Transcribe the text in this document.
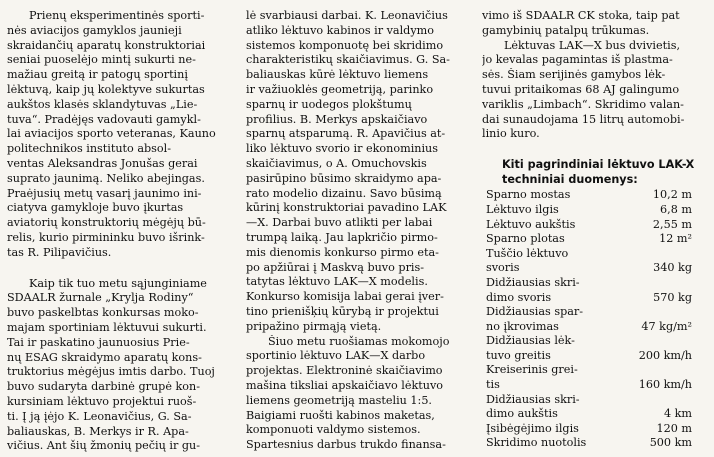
Prienų eksperimentinės sporti-
nės aviacijos gamyklos jaunieji
skraidančių aparatų konstruktoriai
seniai puoselėjo mintį sukurti ne-
mažiau greitą ir patogų sportinį
lėktuvą, kaip jų kolektyve sukurtas
aukštos klasės sklandytuvas „Lie-
tuva“. Pradėjęs vadovauti gamykl-
lai aviacijos sporto veteranas, Kauno
politechnikos instituto absol-
ventas Aleksandras Jonušas gerai
suprato jaunimą. Neliko abejingas.
Praėjusių metų vasarį jaunimo ini-
ciatyva gamykloje buvo įkurtas
aviatorių konstruktorių mėgėjų bū-
relis, kurio pirmininku buvo išrink-
tas R. Pilipavičius.
Kaip tik tuo metu sąjunginiame
SDAALR žurnale „Krylja Rodiny“
buvo paskelbtas konkursas moko-
majam sportiniam lėktuvui sukurti.
Tai ir paskatino jaunuosius Prie-
nų ESAG skraidymo aparatų kons-
truktorius mėgėjus imtis darbo. Tuoj
buvo sudaryta darbinė grupė kon-
kursiniam lėktuvo projektui ruoš-
ti. Į ją įėjo K. Leonavičius, G. Sa-
baliauskas, B. Merkys ir R. Apa-
vičius. Ant šių žmonių pečių ir gu-
lė svarbiausi darbai. K. Leonavičius
atliko lėktuvo kabinos ir valdymo
sistemos komponuotę bei skridimo
charakteristikų skaičiavimus. G. Sa-
baliauskas kūrė lėktuvo liemens
ir važiuoklės geometriją, parinko
sparnų ir uodegos plokštumų
profilius. B. Merkys apskaičiavo
sparnų atsparumą. R. Apavičius at-
liko lėktuvo svorio ir ekonominius
skaičiavimus, o A. Omuchovskis
pasirūpino būsimo skraidymo apa-
rato modelio dizainu. Savo būsimą
kūrinį konstruktoriai pavadino LAK
—X. Darbai buvo atlikti per labai
trumpą laiką. Jau lapkričio pirmo-
mis dienomis konkurso pirmo eta-
po apžiūrai į Maskvą buvo pris-
tatytas lėktuvo LAK—X modelis.
Konkurso komisija labai gerai įver-
tino prienišķių kūrybą ir projektui
pripažino pirmąją vietą.
Šiuo metu ruošiamas mokomojo
sportinio lėktuvo LAK—X darbo
projektas. Elektroninė skaičiavimo
mašina tiksliai apskaičiavo lėktuvo
liemens geometriją masteliu 1:5.
Baigiami ruošti kabinos maketas,
komponuoti valdymo sistemos.
Spartesnius darbus trukdo finansa-
vimo iš SDAALR CK stoka, taip pat
gamybinių patalpų trūkumas.
Lėktuvas LAK—X bus dvivietis,
jo kevalas pagamintas iš plastma-
sės. Šiam serijinės gamybos lėk-
tuvui pritaikomas 68 AJ galingumo
variklis „Limbach“. Skridimo valan-
dai sunaudojama 15 litrų automobi-
linio kuro.
Kiti pagrindiniai lėktuvo LAK-X
techniniai duomenys:
Sparno mostas	10,2 m
Lėktuvo ilgis	6,8 m
Lėktuvo aukštis	2,55 m
Sparno plotas	12 m²
Tuščio lėktuvo
svoris	340 kg
Didžiausias skri-
dimo svoris	570 kg
Didžiausias spar-
no įkrovimas	47 kg/m²
Didžiausias lėk-
tuvo greitis	200 km/h
Kreiserinis grei-
tis	160 km/h
Didžiausias skri-
dimo aukštis	4 km
Įsibėgėjimo ilgis	120 m
Skridimo nuotolis	500 km
